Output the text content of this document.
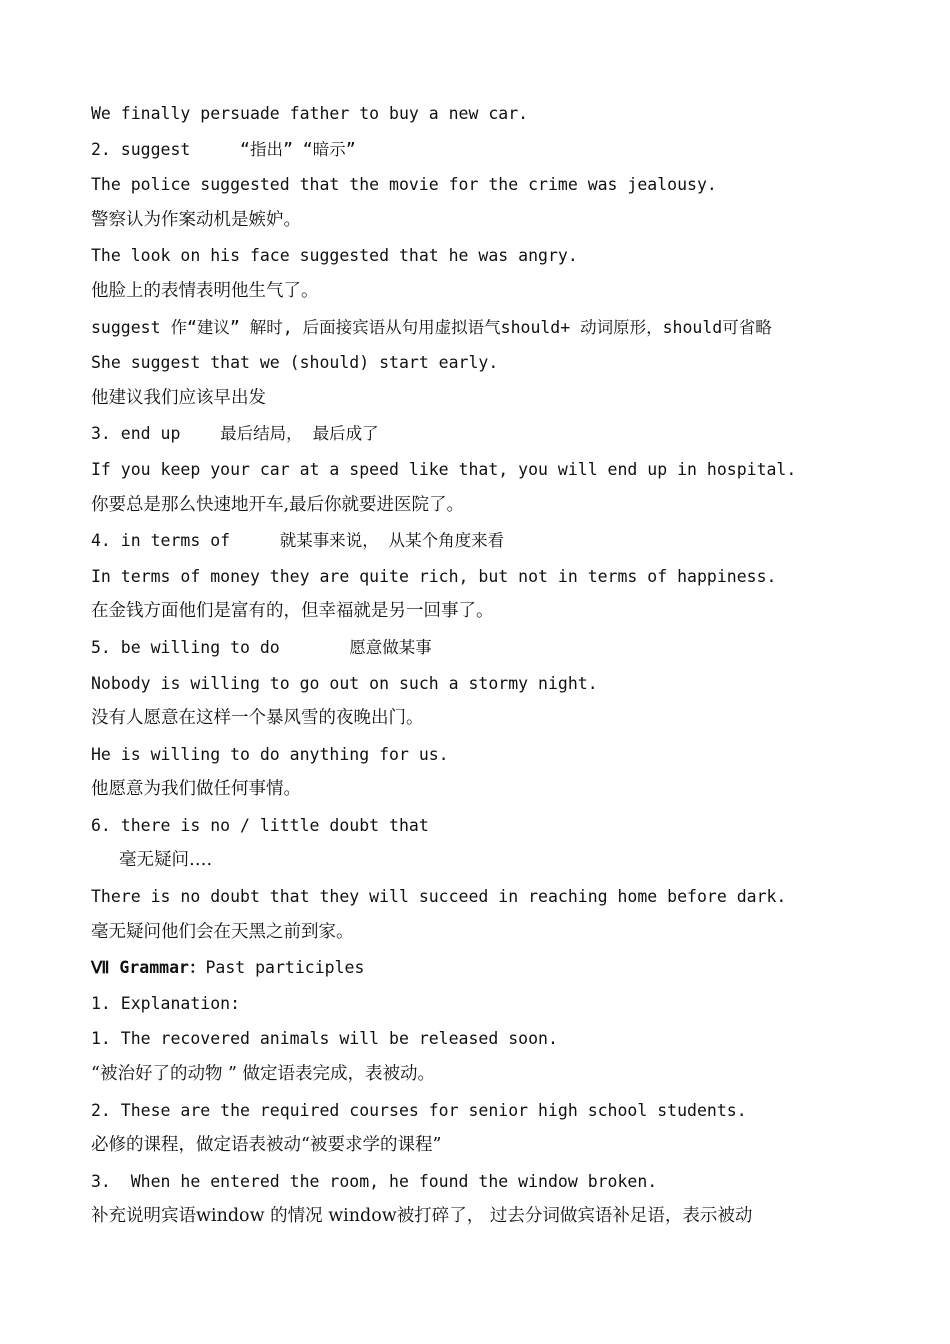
We finally persuade father to buy a new car.
2. suggest     “指出” “暗示”
The police suggested that the movie for the crime was jealousy.
警察认为作案动机是嫉妒。
The look on his face suggested that he was angry.
他脸上的表情表明他生气了。
suggest 作“建议” 解时, 后面接宾语从句用虚拟语气should+ 动词原形，should可省略
She suggest that we (should) start early.
他建议我们应该早出发
3. end up    最后结局， 最后成了
If you keep your car at a speed like that, you will end up in hospital.
你要总是那么快速地开车,最后你就要进医院了。
4. in terms of     就某事来说， 从某个角度来看
In terms of money they are quite rich, but not in terms of happiness.
在金钱方面他们是富有的，但幸福就是另一回事了。
5. be willing to do       愿意做某事
Nobody is willing to go out on such a stormy night.
没有人愿意在这样一个暴风雪的夜晚出门。
He is willing to do anything for us.
他愿意为我们做任何事情。
6. there is no / little doubt that
毫无疑问….
There is no doubt that they will succeed in reaching home before dark.
毫无疑问他们会在天黑之前到家。
Ⅶ Grammar：Past participles
1. Explanation:
1. The recovered animals will be released soon.
“被治好了的动物 ” 做定语表完成，表被动。
2. These are the required courses for senior high school students.
必修的课程，做定语表被动“被要求学的课程”
3.  When he entered the room, he found the window broken.
补充说明宾语window 的情况 window被打碎了， 过去分词做宾语补足语，表示被动
